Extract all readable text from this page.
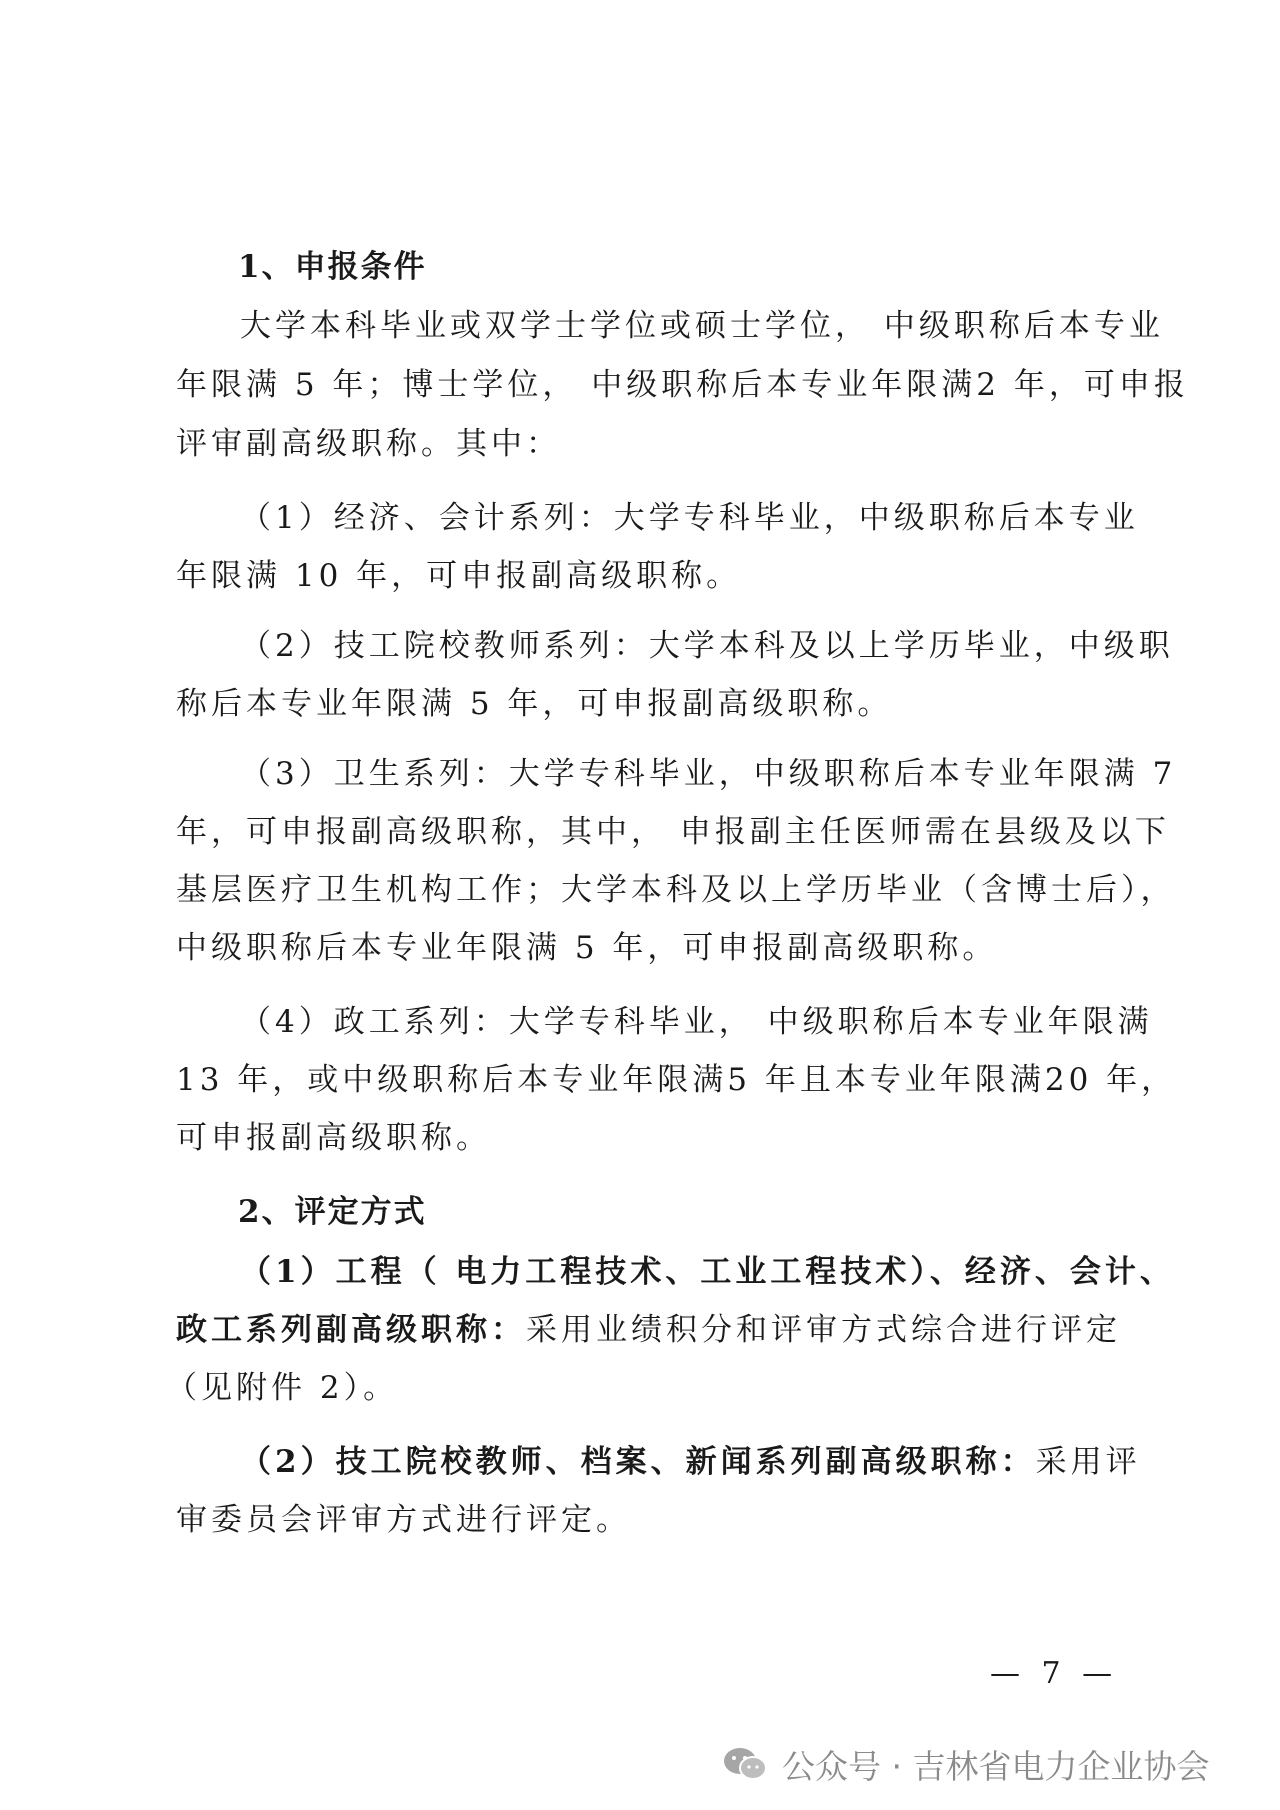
1、申报条件
大学本科毕业或双学士学位或硕士学位， 中级职称后本专业
年限满 5 年；博士学位， 中级职称后本专业年限满2 年，可申报
评审副高级职称。其中：
（1）经济、会计系列：大学专科毕业，中级职称后本专业
年限满 10 年，可申报副高级职称。
（2）技工院校教师系列：大学本科及以上学历毕业，中级职
称后本专业年限满 5 年，可申报副高级职称。
（3）卫生系列：大学专科毕业，中级职称后本专业年限满 7
年，可申报副高级职称，其中， 申报副主任医师需在县级及以下
基层医疗卫生机构工作；大学本科及以上学历毕业（含博士后），
中级职称后本专业年限满 5 年，可申报副高级职称。
（4）政工系列：大学专科毕业， 中级职称后本专业年限满
13 年，或中级职称后本专业年限满5 年且本专业年限满20 年，
可申报副高级职称。
2、评定方式
（1）工程（ 电力工程技术、工业工程技术）、经济、会计、
政工系列副高级职称：采用业绩积分和评审方式综合进行评定
（见附件 2）。
（2）技工院校教师、档案、新闻系列副高级职称：采用评
审委员会评审方式进行评定。
— 7 —
公众号 · 吉林省电力企业协会
